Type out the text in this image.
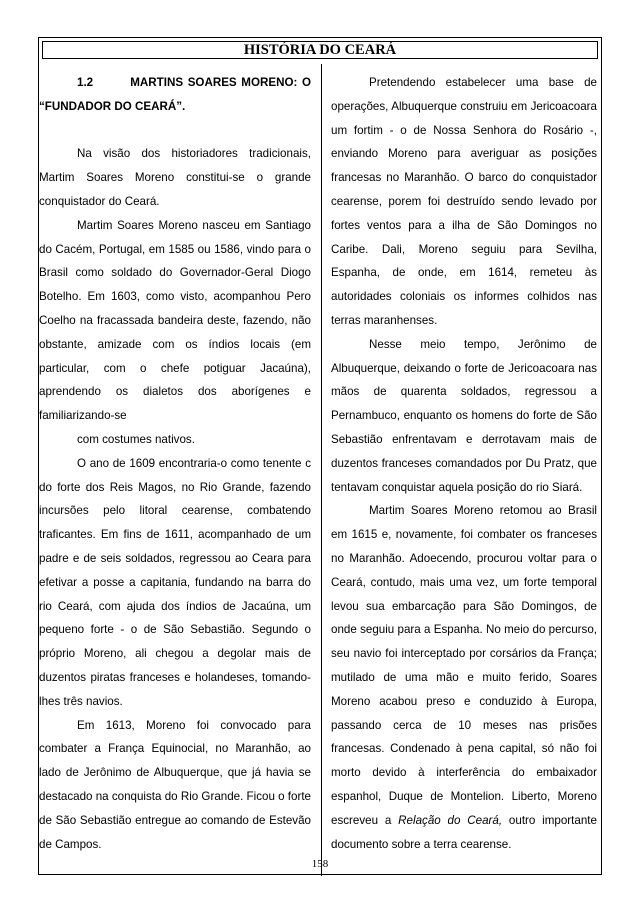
HISTÓRIA DO CEARÁ
1.2	MARTINS SOARES MORENO: O
“FUNDADOR DO CEARÁ”.

Na visão dos historiadores tradicionais, Martim Soares Moreno constitui-se o grande conquistador do Ceará.

Martim Soares Moreno nasceu em Santiago do Cacém, Portugal, em 1585 ou 1586, vindo para o Brasil como soldado do Governador-Geral Diogo Botelho. Em 1603, como visto, acompanhou Pero Coelho na fracassada bandeira deste, fazendo, não obstante, amizade com os índios locais (em particular, com o chefe potiguar Jacaúna), aprendendo os dialetos dos aborígenes e familiarizando-se

com costumes nativos.

O ano de 1609 encontraria-o como tenente c do forte dos Reis Magos, no Rio Grande, fazendo incursões pelo litoral cearense, combatendo traficantes. Em fins de 1611, acompanhado de um padre e de seis soldados, regressou ao Ceara para efetivar a posse a capitania, fundando na barra do rio Ceará, com ajuda dos índios de Jacaúna, um pequeno forte - o de São Sebastião. Segundo o próprio Moreno, ali chegou a degolar mais de duzentos piratas franceses e holandeses, tomando-lhes três navios.

Em 1613, Moreno foi convocado para combater a França Equinocial, no Maranhão, ao lado de Jerônimo de Albuquerque, que já havia se destacado na conquista do Rio Grande. Ficou o forte de São Sebastião entregue ao comando de Estevão de Campos.

Pretendendo estabelecer uma base de operações, Albuquerque construiu em Jericoacoara um fortim - o de Nossa Senhora do Rosário -, enviando Moreno para averiguar as posições francesas no Maranhão. O barco do conquistador cearense, porem foi destruído sendo levado por fortes ventos para a ilha de São Domingos no Caribe. Dali, Moreno seguiu para Sevilha, Espanha, de onde, em 1614, remeteu às autoridades coloniais os informes colhidos nas terras maranhenses.

Nesse meio tempo, Jerônimo de Albuquerque, deixando o forte de Jericoacoara nas mãos de quarenta soldados, regressou a Pernambuco, enquanto os homens do forte de São Sebastião enfrentavam e derrotavam mais de duzentos franceses comandados por Du Pratz, que tentavam conquistar aquela posição do rio Siará.

Martim Soares Moreno retomou ao Brasil em 1615 e, novamente, foi combater os franceses no Maranhão. Adoecendo, procurou voltar para o Ceará, contudo, mais uma vez, um forte temporal levou sua embarcação para São Domingos, de onde seguiu para a Espanha. No meio do percurso, seu navio foi interceptado por corsários da França; mutilado de uma mão e muito ferido, Soares Moreno acabou preso e conduzido à Europa, passando cerca de 10 meses nas prisões francesas. Condenado à pena capital, só não foi morto devido à interferência do embaixador espanhol, Duque de Montelion. Liberto, Moreno escreveu a Relação do Ceará, outro importante documento sobre a terra cearense.

158
